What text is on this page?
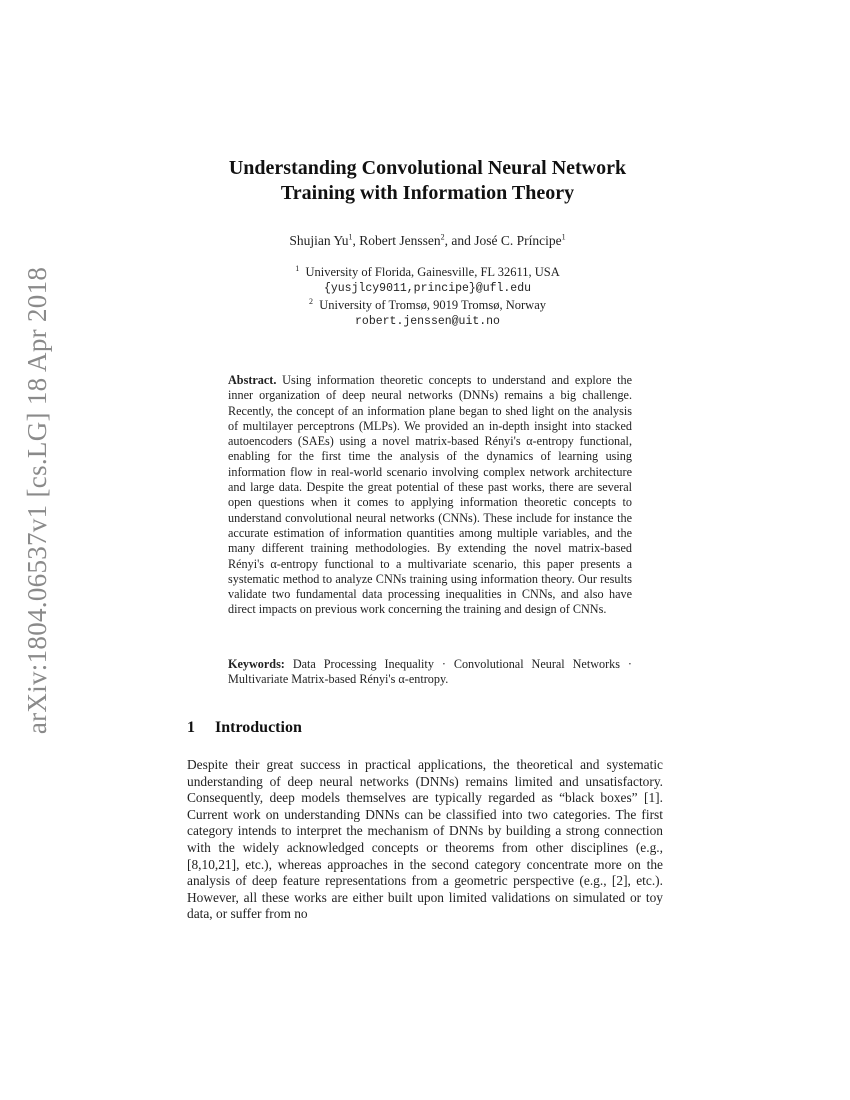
arXiv:1804.06537v1 [cs.LG] 18 Apr 2018
Understanding Convolutional Neural Network
Training with Information Theory
Shujian Yu$^1$, Robert Jenssen$^2$, and José C. Príncipe$^1$
$^1$ University of Florida, Gainesville, FL 32611, USA
{yusjlcy9011,principe}@ufl.edu
$^2$ University of Tromsø, 9019 Tromsø, Norway
robert.jenssen@uit.no
Abstract. Using information theoretic concepts to understand and explore the inner organization of deep neural networks (DNNs) remains a big challenge. Recently, the concept of an information plane began to shed light on the analysis of multilayer perceptrons (MLPs). We provided an in-depth insight into stacked autoencoders (SAEs) using a novel matrix-based Rényi's α-entropy functional, enabling for the first time the analysis of the dynamics of learning using information flow in real-world scenario involving complex network architecture and large data. Despite the great potential of these past works, there are several open questions when it comes to applying information theoretic concepts to understand convolutional neural networks (CNNs). These include for instance the accurate estimation of information quantities among multiple variables, and the many different training methodologies. By extending the novel matrix-based Rényi's α-entropy functional to a multivariate scenario, this paper presents a systematic method to analyze CNNs training using information theory. Our results validate two fundamental data processing inequalities in CNNs, and also have direct impacts on previous work concerning the training and design of CNNs.
Keywords: Data Processing Inequality · Convolutional Neural Networks · Multivariate Matrix-based Rényi's α-entropy.
1 Introduction
Despite their great success in practical applications, the theoretical and systematic understanding of deep neural networks (DNNs) remains limited and unsatisfactory. Consequently, deep models themselves are typically regarded as “black boxes” [1]. Current work on understanding DNNs can be classified into two categories. The first category intends to interpret the mechanism of DNNs by building a strong connection with the widely acknowledged concepts or theorems from other disciplines (e.g., [8,10,21], etc.), whereas approaches in the second category concentrate more on the analysis of deep feature representations from a geometric perspective (e.g., [2], etc.). However, all these works are either built upon limited validations on simulated or toy data, or suffer from no
